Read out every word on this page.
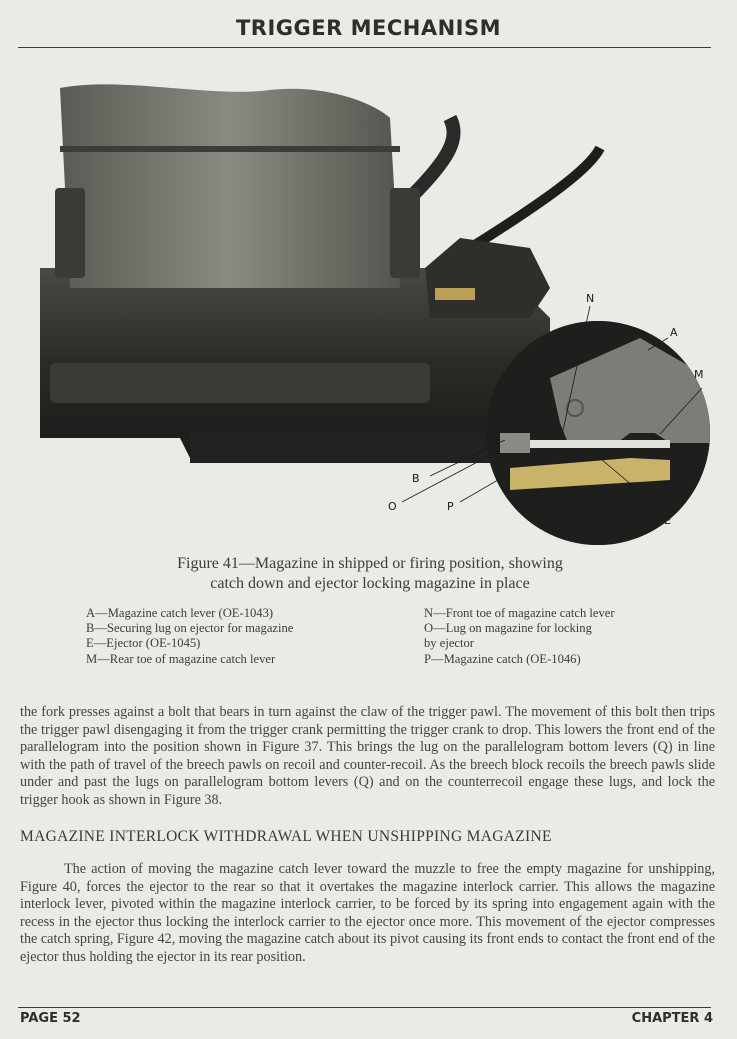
TRIGGER MECHANISM
N
A
M
B
O	P
E
Figure 41—Magazine in shipped or firing position, showing
catch down and ejector locking magazine in place
A—Magazine catch lever (OE-1043)
B—Securing lug on ejector for magazine
E—Ejector (OE-1045)
M—Rear toe of magazine catch lever
N—Front toe of magazine catch lever
O—Lug on magazine for locking
by ejector
P—Magazine catch (OE-1046)
the fork presses against a bolt that bears in turn against the claw of the trigger pawl. The movement of this bolt then trips the trigger pawl disengaging it from the trigger crank permitting the trigger crank to drop. This lowers the front end of the parallelogram into the position shown in Figure 37. This brings the lug on the parallelogram bottom levers (Q) in line with the path of travel of the breech pawls on recoil and counter-recoil. As the breech block recoils the breech pawls slide under and past the lugs on parallelogram bottom levers (Q) and on the counterrecoil engage these lugs, and lock the trigger hook as shown in Figure 38.
MAGAZINE INTERLOCK WITHDRAWAL WHEN UNSHIPPING MAGAZINE
The action of moving the magazine catch lever toward the muzzle to free the empty magazine for unshipping, Figure 40, forces the ejector to the rear so that it overtakes the magazine interlock carrier. This allows the magazine interlock lever, pivoted within the magazine interlock carrier, to be forced by its spring into engagement again with the recess in the ejector thus locking the interlock carrier to the ejector once more. This movement of the ejector compresses the catch spring, Figure 42, moving the magazine catch about its pivot causing its front ends to contact the front end of the ejector thus holding the ejector in its rear position.
PAGE 52	CHAPTER 4
